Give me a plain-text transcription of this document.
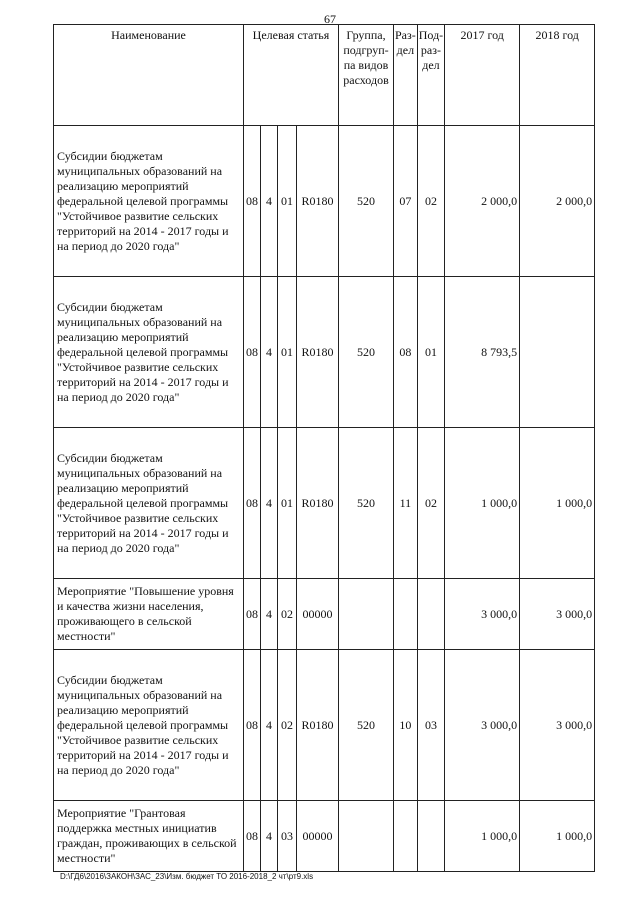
67
Наименование	Целевая статья				Группа, подгруп-па видов расходов	Раз-дел	Под-раз-дел	2017 год	2018 год

Субсидии бюджетам муниципальных образований на реализацию мероприятий федеральной целевой программы "Устойчивое развитие сельских территорий на 2014 - 2017 годы и на период до 2020 года"	08	4	01	R0180	520	07	02	2 000,0	2 000,0
Субсидии бюджетам муниципальных образований на реализацию мероприятий федеральной целевой программы "Устойчивое развитие сельских территорий на 2014 - 2017 годы и на период до 2020 года"	08	4	01	R0180	520	08	01	8 793,5	
Субсидии бюджетам муниципальных образований на реализацию мероприятий федеральной целевой программы "Устойчивое развитие сельских территорий на 2014 - 2017 годы и на период до 2020 года"	08	4	01	R0180	520	11	02	1 000,0	1 000,0
Мероприятие "Повышение уровня и качества жизни населения, проживающего в сельской местности"	08	4	02	00000				3 000,0	3 000,0
Субсидии бюджетам муниципальных образований на реализацию мероприятий федеральной целевой программы "Устойчивое развитие сельских территорий на 2014 - 2017 годы и на период до 2020 года"	08	4	02	R0180	520	10	03	3 000,0	3 000,0
Мероприятие "Грантовая поддержка местных инициатив граждан, проживающих в сельской местности"	08	4	03	00000				1 000,0	1 000,0
D:\ГД6\2016\ЗАКОН\ЗАС_23\Изм. бюджет ТО 2016-2018_2 чт\рт9.xls
